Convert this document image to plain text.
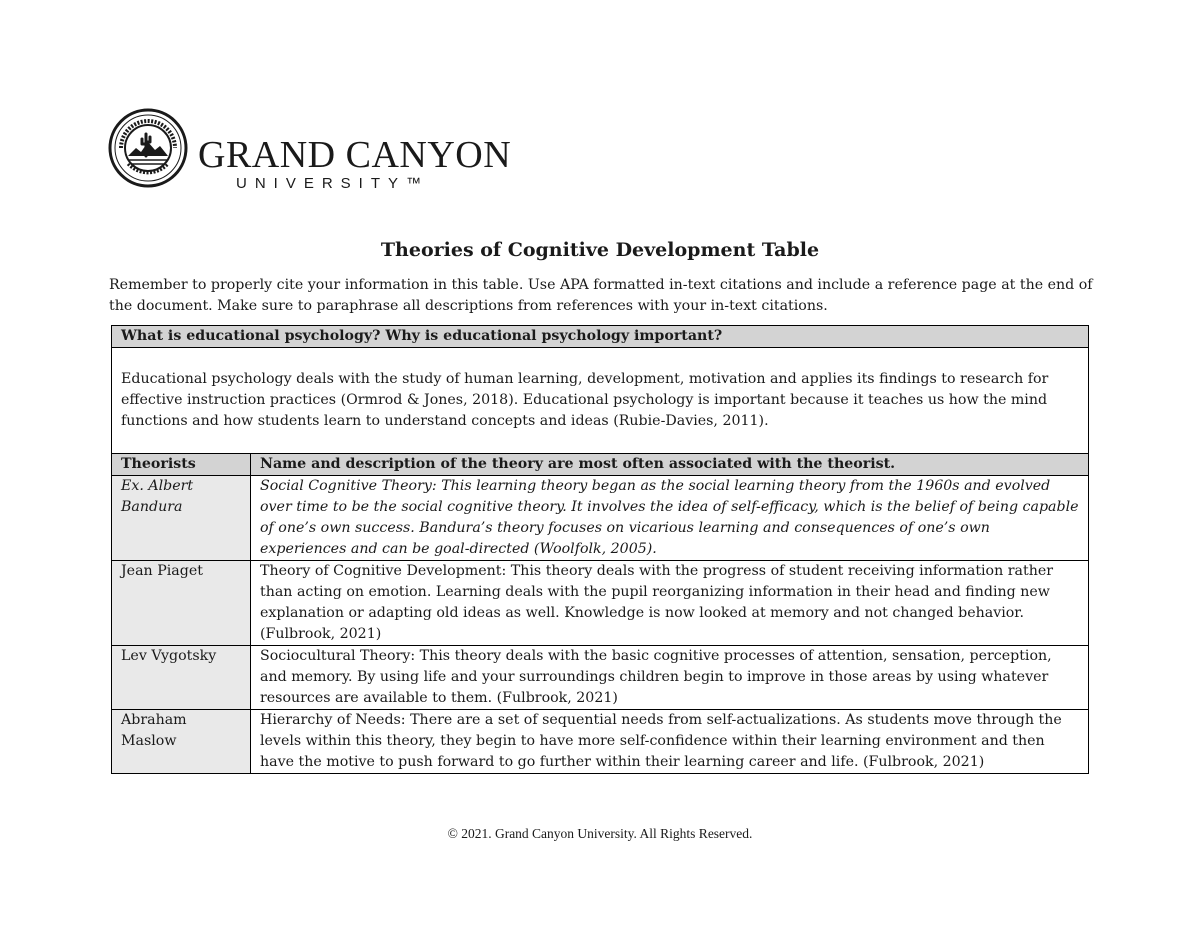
GRAND CANYON
UNIVERSITY™
Theories of Cognitive Development Table
Remember to properly cite your information in this table. Use APA formatted in-text citations and include a reference page at the end of the document. Make sure to paraphrase all descriptions from references with your in-text citations.
What is educational psychology? Why is educational psychology important?	
Educational psychology deals with the study of human learning, development, motivation and applies its findings to research for effective instruction practices (Ormrod & Jones, 2018). Educational psychology is important because it teaches us how the mind functions and how students learn to understand concepts and ideas (Rubie-Davies, 2011).	
Theorists	Name and description of the theory are most often associated with the theorist.
Ex. Albert Bandura	Social Cognitive Theory: This learning theory began as the social learning theory from the 1960s and evolved over time to be the social cognitive theory. It involves the idea of self-efficacy, which is the belief of being capable of one’s own success. Bandura’s theory focuses on vicarious learning and consequences of one’s own experiences and can be goal-directed (Woolfolk, 2005).
Jean Piaget	Theory of Cognitive Development: This theory deals with the progress of student receiving information rather than acting on emotion. Learning deals with the pupil reorganizing information in their head and finding new explanation or adapting old ideas as well. Knowledge is now looked at memory and not changed behavior. (Fulbrook, 2021)
Lev Vygotsky	Sociocultural Theory: This theory deals with the basic cognitive processes of attention, sensation, perception, and memory. By using life and your surroundings children begin to improve in those areas by using whatever resources are available to them. (Fulbrook, 2021)
Abraham Maslow	Hierarchy of Needs: There are a set of sequential needs from self-actualizations. As students move through the levels within this theory, they begin to have more self-confidence within their learning environment and then have the motive to push forward to go further within their learning career and life. (Fulbrook, 2021)
© 2021. Grand Canyon University. All Rights Reserved.
